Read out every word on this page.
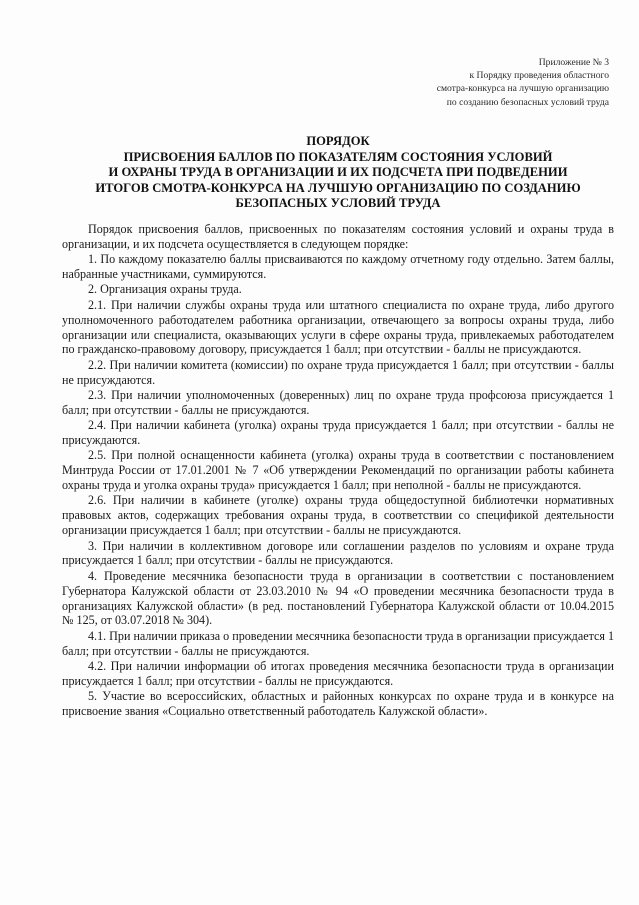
Приложение № 3
к Порядку проведения областного
смотра-конкурса на лучшую организацию
по созданию безопасных условий труда
ПОРЯДОК
ПРИСВОЕНИЯ БАЛЛОВ ПО ПОКАЗАТЕЛЯМ СОСТОЯНИЯ УСЛОВИЙ
И ОХРАНЫ ТРУДА В ОРГАНИЗАЦИИ И ИХ ПОДСЧЕТА ПРИ ПОДВЕДЕНИИ
ИТОГОВ СМОТРА-КОНКУРСА НА ЛУЧШУЮ ОРГАНИЗАЦИЮ ПО СОЗДАНИЮ
БЕЗОПАСНЫХ УСЛОВИЙ ТРУДА

Порядок присвоения баллов, присвоенных по показателям состояния условий и охраны труда в организации, и их подсчета осуществляется в следующем порядке:

1. По каждому показателю баллы присваиваются по каждому отчетному году отдельно. Затем баллы, набранные участниками, суммируются.

2. Организация охраны труда.

2.1. При наличии службы охраны труда или штатного специалиста по охране труда, либо другого уполномоченного работодателем работника организации, отвечающего за вопросы охраны труда, либо организации или специалиста, оказывающих услуги в сфере охраны труда, привлекаемых работодателем по гражданско-правовому договору, присуждается 1 балл; при отсутствии - баллы не присуждаются.

2.2. При наличии комитета (комиссии) по охране труда присуждается 1 балл; при отсутствии - баллы не присуждаются.

2.3. При наличии уполномоченных (доверенных) лиц по охране труда профсоюза присуждается 1 балл; при отсутствии - баллы не присуждаются.

2.4. При наличии кабинета (уголка) охраны труда присуждается 1 балл; при отсутствии - баллы не присуждаются.

2.5. При полной оснащенности кабинета (уголка) охраны труда в соответствии с постановлением Минтруда России от 17.01.2001 № 7 «Об утверждении Рекомендаций по организации работы кабинета охраны труда и уголка охраны труда» присуждается 1 балл; при неполной - баллы не присуждаются.

2.6. При наличии в кабинете (уголке) охраны труда общедоступной библиотечки нормативных правовых актов, содержащих требования охраны труда, в соответствии со спецификой деятельности организации присуждается 1 балл; при отсутствии - баллы не присуждаются.

3. При наличии в коллективном договоре или соглашении разделов по условиям и охране труда присуждается 1 балл; при отсутствии - баллы не присуждаются.

4. Проведение месячника безопасности труда в организации в соответствии с постановлением Губернатора Калужской области от 23.03.2010 № 94 «О проведении месячника безопасности труда в организациях Калужской области» (в ред. постановлений Губернатора Калужской области от 10.04.2015 № 125, от 03.07.2018 № 304).

4.1. При наличии приказа о проведении месячника безопасности труда в организации присуждается 1 балл; при отсутствии - баллы не присуждаются.

4.2. При наличии информации об итогах проведения месячника безопасности труда в организации присуждается 1 балл; при отсутствии - баллы не присуждаются.

5. Участие во всероссийских, областных и районных конкурсах по охране труда и в конкурсе на присвоение звания «Социально ответственный работодатель Калужской области».
